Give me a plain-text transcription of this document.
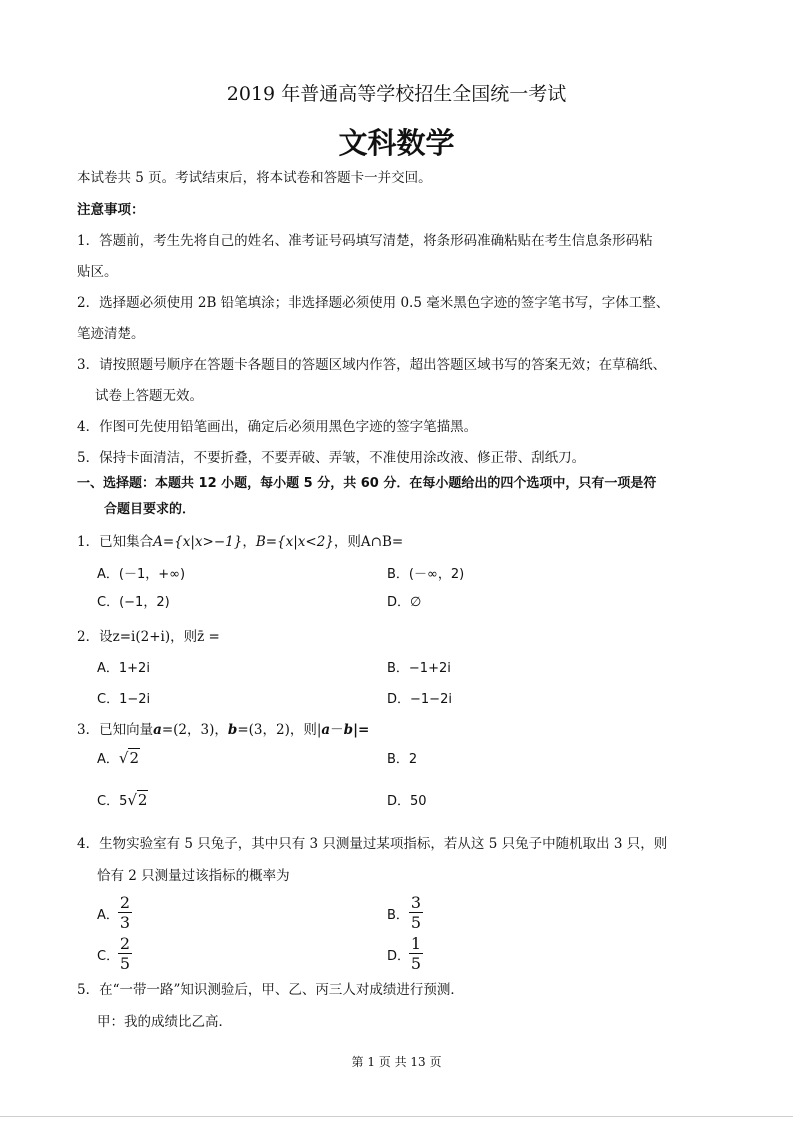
2019 年普通高等学校招生全国统一考试
文科数学
本试卷共 5 页。考试结束后，将本试卷和答题卡一并交回。
注意事项：
1．答题前，考生先将自己的姓名、准考证号码填写清楚，将条形码准确粘贴在考生信息条形码粘
贴区。
2．选择题必须使用 2B 铅笔填涂；非选择题必须使用 0.5 毫米黑色字迹的签字笔书写，字体工整、
笔迹清楚。
3．请按照题号顺序在答题卡各题目的答题区域内作答，超出答题区域书写的答案无效；在草稿纸、
试卷上答题无效。
4．作图可先使用铅笔画出，确定后必须用黑色字迹的签字笔描黑。
5．保持卡面清洁，不要折叠，不要弄破、弄皱，不准使用涂改液、修正带、刮纸刀。
一、选择题：本题共 12 小题，每小题 5 分，共 60 分．在每小题给出的四个选项中，只有一项是符
合题目要求的．
1．已知集合A={x|x>−1}，B={x|x<2}，则A∩B=
A．(－1，+∞)	B．(－∞，2)
C．(−1，2)	D．∅
2．设z=i(2+i)，则z̄ =
A．1+2i	B．−1+2i
C．1−2i	D．−1−2i
3．已知向量a=(2，3)，b=(3，2)，则|a－b|=
A．√2	B．2
C．5√2	D．50
4．生物实验室有 5 只兔子，其中只有 3 只测量过某项指标，若从这 5 只兔子中随机取出 3 只，则
恰有 2 只测量过该指标的概率为
A．
2
3	B．
3
5
C．
2
5	D．
1
5
5．在“一带一路”知识测验后，甲、乙、丙三人对成绩进行预测．
甲：我的成绩比乙高．
第 1 页 共 13 页
